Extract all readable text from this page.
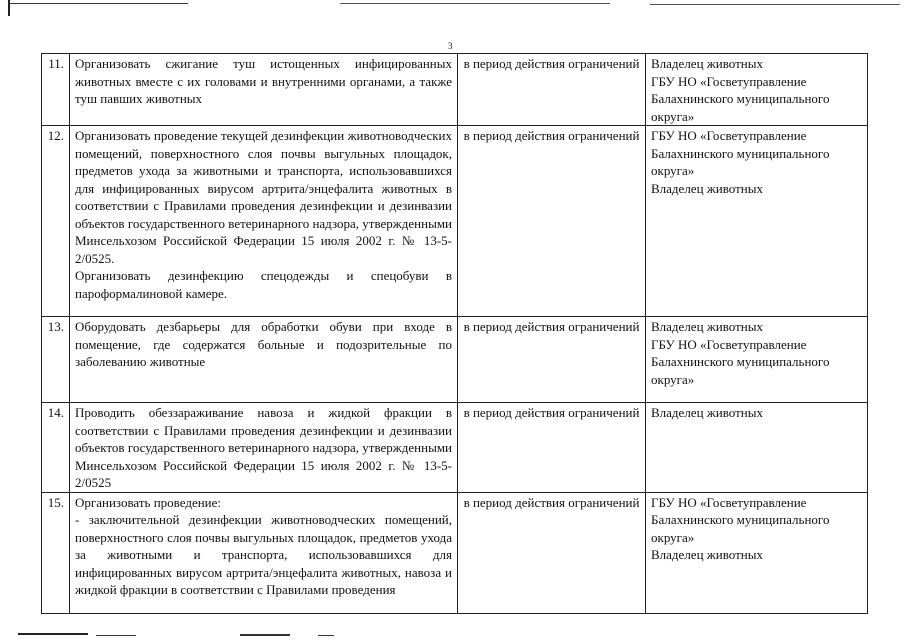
3
11.	Организовать сжигание туш истощенных инфицированных животных вместе с их головами и внутренними органами, а также туш павших животных	в период действия ограничений	Владелец животных
ГБУ НО «Госветуправление Балахнинского муниципального округа»
12.	Организовать проведение текущей дезинфекции животноводческих помещений, поверхностного слоя почвы выгульных площадок, предметов ухода за животными и транспорта, использовавшихся для инфицированных вирусом артрита/энцефалита животных в соответствии с Правилами проведения дезинфекции и дезинвазии объектов государственного ветеринарного надзора, утвержденными Минсельхозом Российской Федерации 15 июля 2002 г. № 13-5-2/0525.
Организовать дезинфекцию спецодежды и спецобуви в пароформалиновой камере.	в период действия ограничений	ГБУ НО «Госветуправление Балахнинского муниципального округа»
Владелец животных
13.	Оборудовать дезбарьеры для обработки обуви при входе в помещение, где содержатся больные и подозрительные по заболеванию животные	в период действия ограничений	Владелец животных
ГБУ НО «Госветуправление Балахнинского муниципального округа»
14.	Проводить обеззараживание навоза и жидкой фракции в соответствии с Правилами проведения дезинфекции и дезинвазии объектов государственного ветеринарного надзора, утвержденными Минсельхозом Российской Федерации 15 июля 2002 г. № 13-5-2/0525	в период действия ограничений	Владелец животных
15.	Организовать проведение:
- заключительной дезинфекции животноводческих помещений, поверхностного слоя почвы выгульных площадок, предметов ухода за животными и транспорта, использовавшихся для инфицированных вирусом артрита/энцефалита животных, навоза и жидкой фракции в соответствии с Правилами проведения	в период действия ограничений	ГБУ НО «Госветуправление Балахнинского муниципального округа»
Владелец животных
